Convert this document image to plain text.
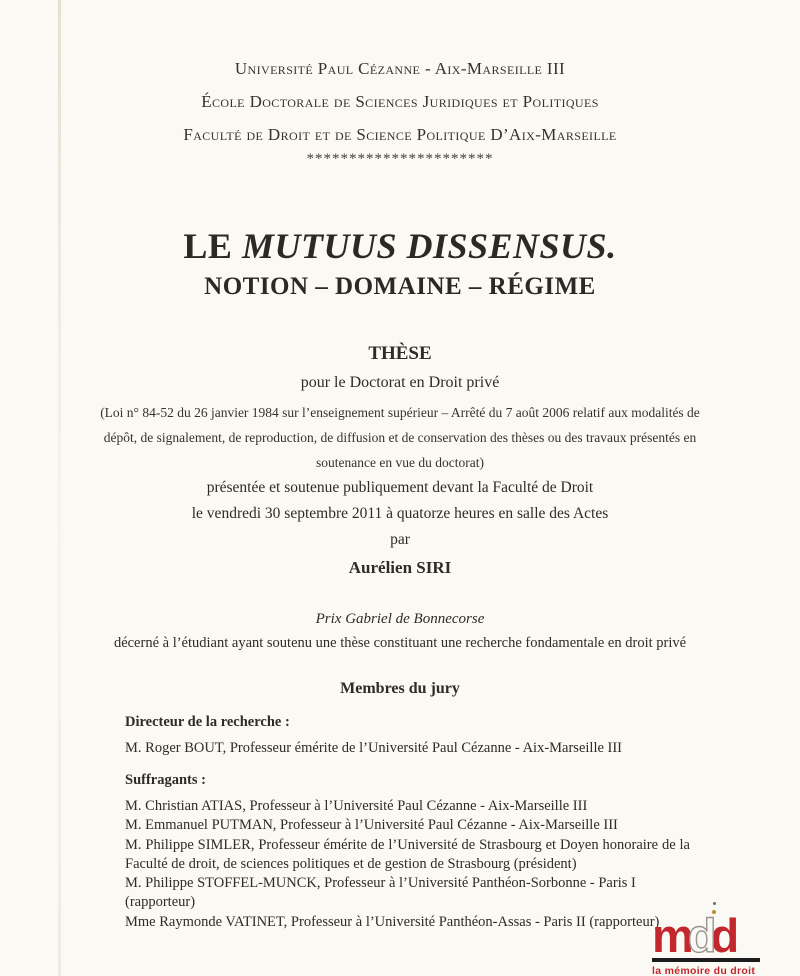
Université Paul Cézanne - Aix-Marseille III
École Doctorale de Sciences Juridiques et Politiques
Faculté de Droit et de Science Politique D’Aix-Marseille
**********************
LE MUTUUS DISSENSUS.
NOTION – DOMAINE – RÉGIME
THÈSE
pour le Doctorat en Droit privé
(Loi n° 84-52 du 26 janvier 1984 sur l’enseignement supérieur – Arrêté du 7 août 2006 relatif aux modalités de dépôt, de signalement, de reproduction, de diffusion et de conservation des thèses ou des travaux présentés en soutenance en vue du doctorat)
présentée et soutenue publiquement devant la Faculté de Droit
le vendredi 30 septembre 2011 à quatorze heures en salle des Actes
par
Aurélien SIRI
Prix Gabriel de Bonnecorse
décerné à l’étudiant ayant soutenu une thèse constituant une recherche fondamentale en droit privé
Membres du jury
Directeur de la recherche :
M. Roger BOUT, Professeur émérite de l’Université Paul Cézanne - Aix-Marseille III
Suffragants :
M. Christian ATIAS, Professeur à l’Université Paul Cézanne - Aix-Marseille III
M. Emmanuel PUTMAN, Professeur à l’Université Paul Cézanne - Aix-Marseille III
M. Philippe SIMLER, Professeur émérite de l’Université de Strasbourg et Doyen honoraire de la Faculté de droit, de sciences politiques et de gestion de Strasbourg (président)
M. Philippe STOFFEL-MUNCK, Professeur à l’Université Panthéon-Sorbonne - Paris I (rapporteur)
Mme Raymonde VATINET, Professeur à l’Université Panthéon-Assas - Paris II (rapporteur)
mdd
la mémoire du droit
